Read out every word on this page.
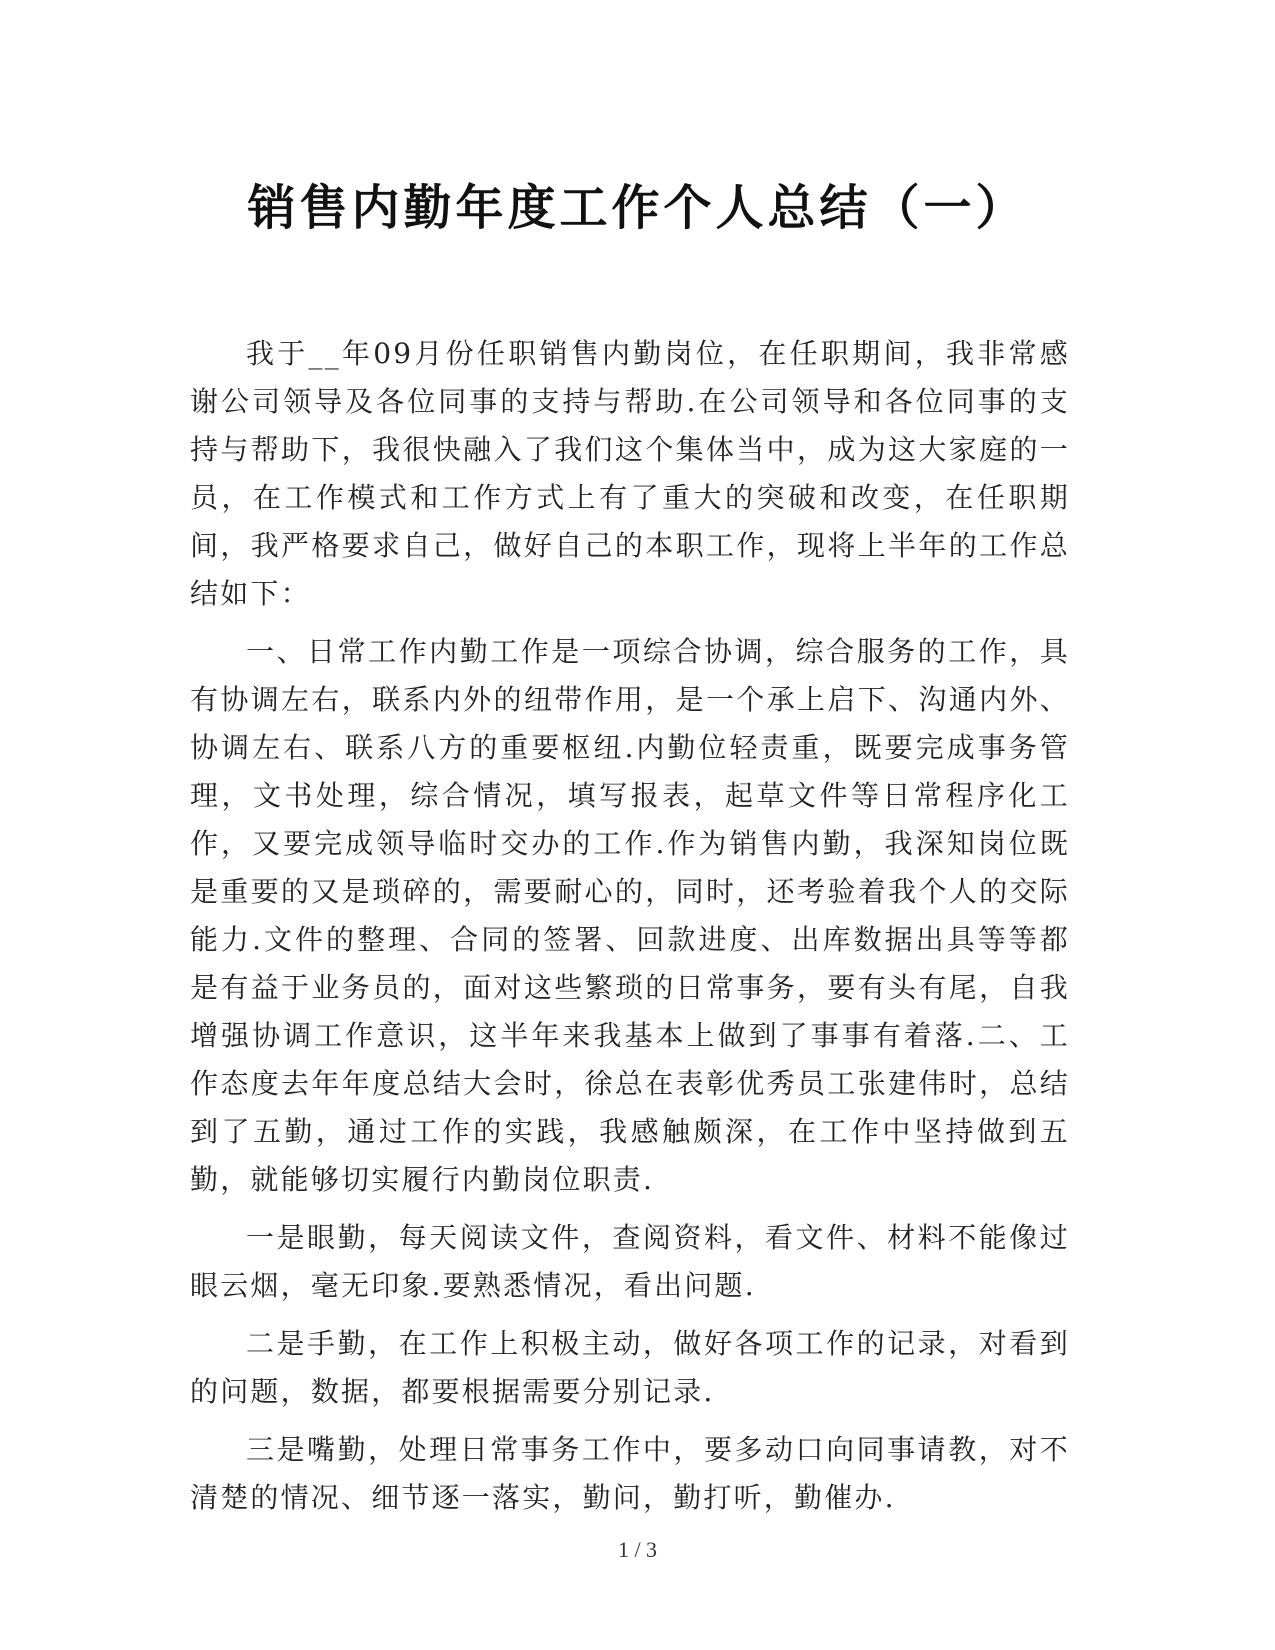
销售内勤年度工作个人总结（一）

我于__年09月份任职销售内勤岗位，在任职期间，我非常感谢公司领导及各位同事的支持与帮助.在公司领导和各位同事的支持与帮助下，我很快融入了我们这个集体当中，成为这大家庭的一员，在工作模式和工作方式上有了重大的突破和改变，在任职期间，我严格要求自己，做好自己的本职工作，现将上半年的工作总结如下：

一、日常工作内勤工作是一项综合协调，综合服务的工作，具有协调左右，联系内外的纽带作用，是一个承上启下、沟通内外、协调左右、联系八方的重要枢纽.内勤位轻责重，既要完成事务管理，文书处理，综合情况，填写报表，起草文件等日常程序化工作，又要完成领导临时交办的工作.作为销售内勤，我深知岗位既是重要的又是琐碎的，需要耐心的，同时，还考验着我个人的交际能力.文件的整理、合同的签署、回款进度、出库数据出具等等都是有益于业务员的，面对这些繁琐的日常事务，要有头有尾，自我增强协调工作意识，这半年来我基本上做到了事事有着落.二、工作态度去年年度总结大会时，徐总在表彰优秀员工张建伟时，总结到了五勤，通过工作的实践，我感触颇深，在工作中坚持做到五勤，就能够切实履行内勤岗位职责.

一是眼勤，每天阅读文件，查阅资料，看文件、材料不能像过眼云烟，毫无印象.要熟悉情况，看出问题.

二是手勤，在工作上积极主动，做好各项工作的记录，对看到的问题，数据，都要根据需要分别记录.

三是嘴勤，处理日常事务工作中，要多动口向同事请教，对不清楚的情况、细节逐一落实，勤问，勤打听，勤催办.

1 / 3
